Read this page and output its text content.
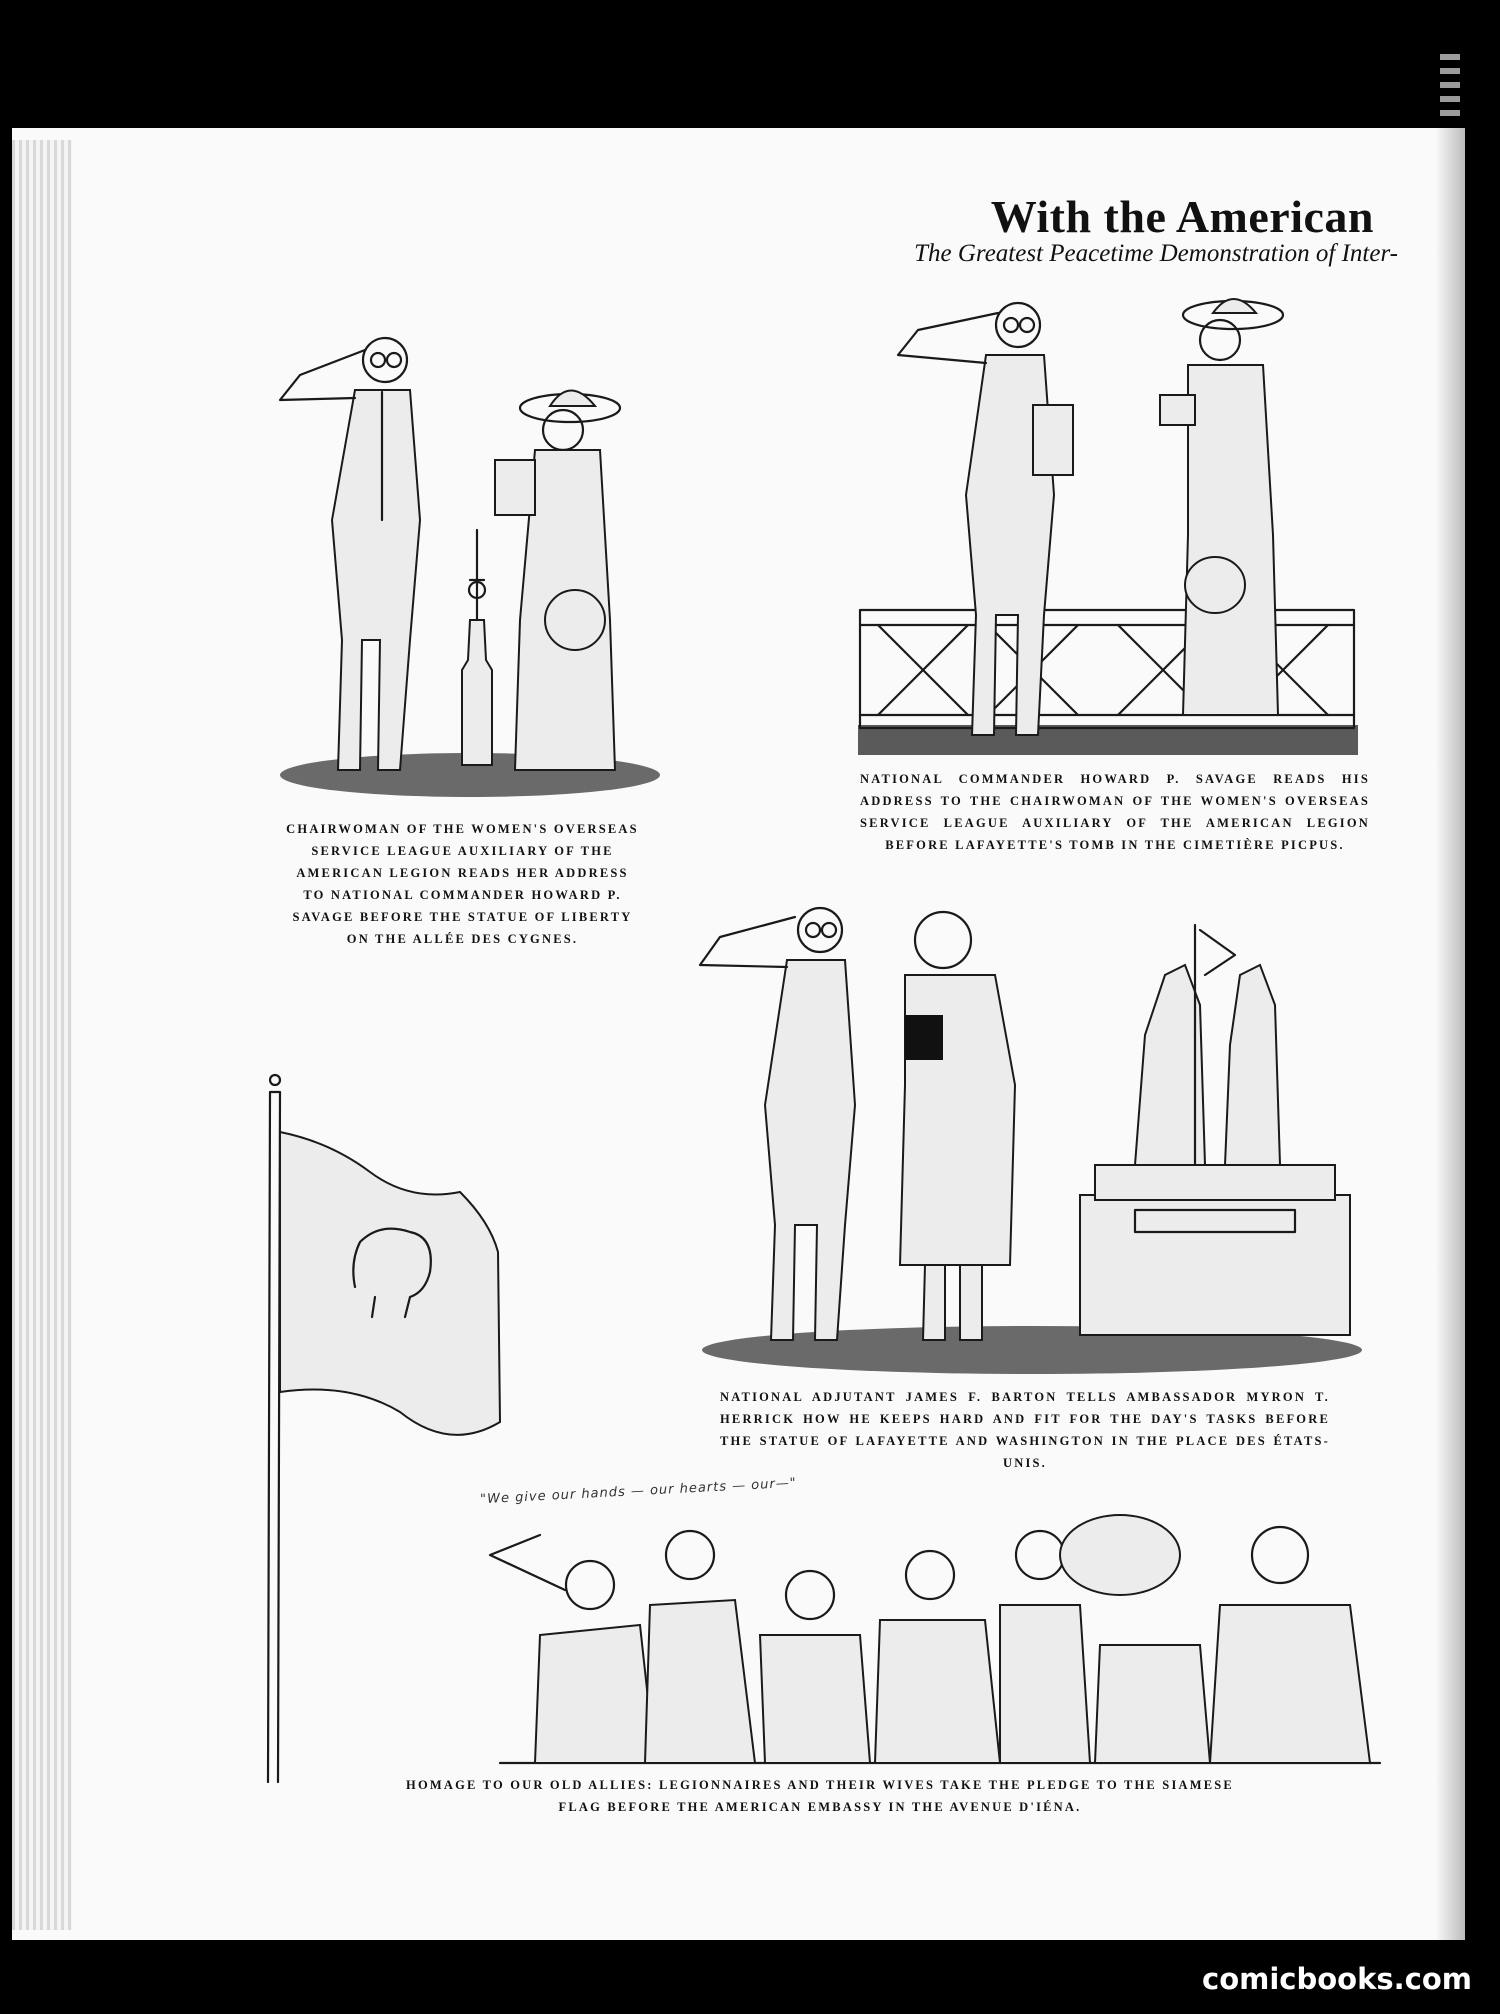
With the American

The Greatest Peacetime Demonstration of Inter-

"We give our hands — our hearts — our—"
CHAIRWOMAN OF THE WOMEN'S OVERSEAS SERVICE LEAGUE AUXILIARY OF THE AMERICAN LEGION READS HER ADDRESS TO NATIONAL COMMANDER HOWARD P. SAVAGE BEFORE THE STATUE OF LIBERTY ON THE ALLÉE DES CYGNES.
NATIONAL COMMANDER HOWARD P. SAVAGE READS HIS ADDRESS TO THE CHAIRWOMAN OF THE WOMEN'S OVERSEAS SERVICE LEAGUE AUXILIARY OF THE AMERICAN LEGION BEFORE LAFAYETTE'S TOMB IN THE CIMETIÈRE PICPUS.
NATIONAL ADJUTANT JAMES F. BARTON TELLS AMBASSADOR MYRON T. HERRICK HOW HE KEEPS HARD AND FIT FOR THE DAY'S TASKS BEFORE THE STATUE OF LAFAYETTE AND WASHINGTON IN THE PLACE DES ÉTATS-UNIS.
HOMAGE TO OUR OLD ALLIES: LEGIONNAIRES AND THEIR WIVES TAKE THE PLEDGE TO THE SIAMESE FLAG BEFORE THE AMERICAN EMBASSY IN THE AVENUE D'IÉNA.
comicbooks.com
